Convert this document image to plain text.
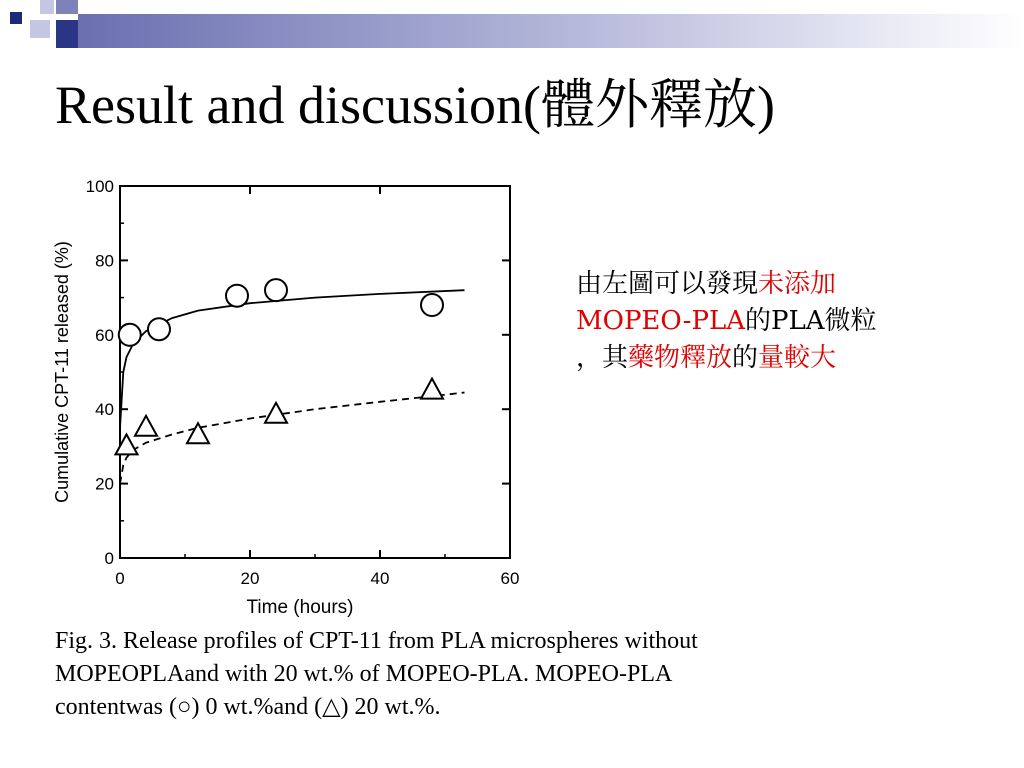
Result and discussion(體外釋放)
0	20	40	60
0
20
40
60
80
100
Time (hours)
Cumulative CPT-11 released (%)	由左圖可以發現未添加
MOPEO-PLA的PLA微粒
，其藥物釋放的量較大
Fig. 3. Release profiles of CPT-11 from PLA microspheres without
MOPEOPLAand with 20 wt.% of MOPEO-PLA. MOPEO-PLA
contentwas (○) 0 wt.%and (△) 20 wt.%.
